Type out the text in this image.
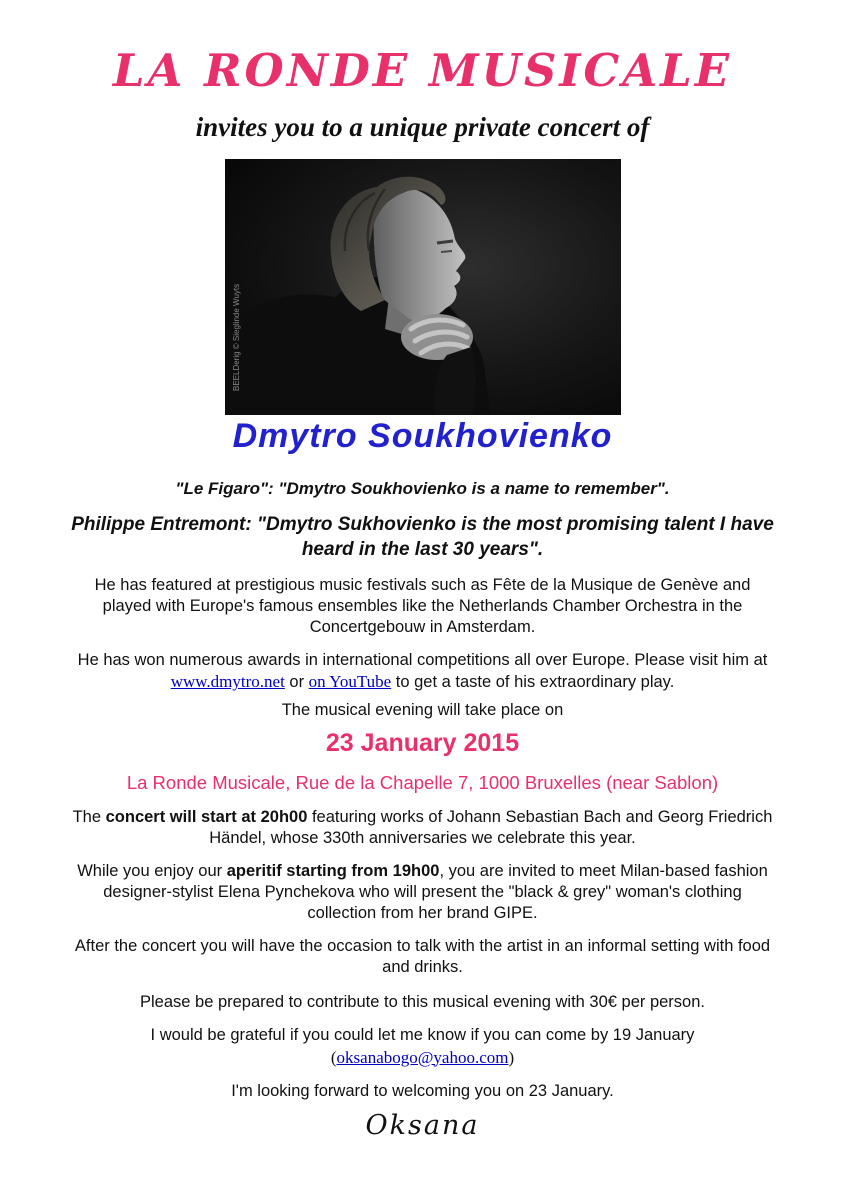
LA RONDE MUSICALE
invites you to a unique private concert of
BEELDerig © Sieglinde Wuyts
Dmytro Soukhovienko
"Le Figaro": "Dmytro Soukhovienko is a name to remember".
Philippe Entremont: "Dmytro Sukhovienko is the most promising talent I have heard in the last 30 years".

He has featured at prestigious music festivals such as Fête de la Musique de Genève and played with Europe's famous ensembles like the Netherlands Chamber Orchestra in the Concertgebouw in Amsterdam.

He has won numerous awards in international competitions all over Europe. Please visit him at www.dmytro.net or on YouTube to get a taste of his extraordinary play.

The musical evening will take place on
23 January 2015
La Ronde Musicale, Rue de la Chapelle 7, 1000 Bruxelles (near Sablon)

The concert will start at 20h00 featuring works of Johann Sebastian Bach and Georg Friedrich Händel, whose 330th anniversaries we celebrate this year.

While you enjoy our aperitif starting from 19h00, you are invited to meet Milan-based fashion designer-stylist Elena Pynchekova who will present the "black & grey" woman's clothing collection from her brand GIPE.

After the concert you will have the occasion to talk with the artist in an informal setting with food and drinks.

Please be prepared to contribute to this musical evening with 30€ per person.

I would be grateful if you could let me know if you can come by 19 January
(oksanabogo@yahoo.com)

I'm looking forward to welcoming you on 23 January.

Oksana
